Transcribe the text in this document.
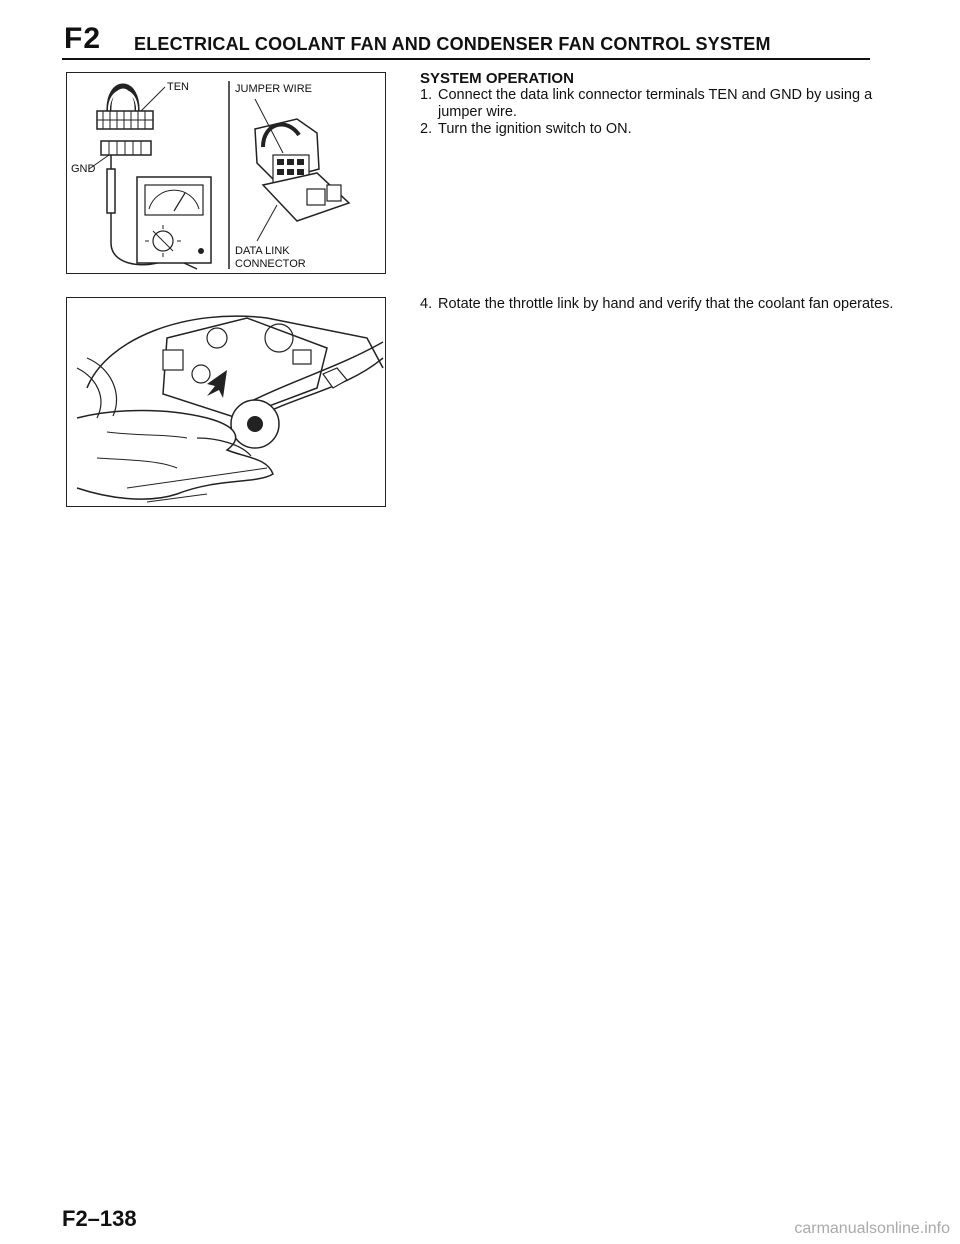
F2 ELECTRICAL COOLANT FAN AND CONDENSER FAN CONTROL SYSTEM
TEN
GND
JUMPER WIRE
DATA LINK
CONNECTOR
SYSTEM OPERATION
1. Connect the data link connector terminals TEN and GND by using a jumper wire.
2. Turn the ignition switch to ON.
4. Rotate the throttle link by hand and verify that the coolant fan operates.
F2–138	carmanualsonline.info
